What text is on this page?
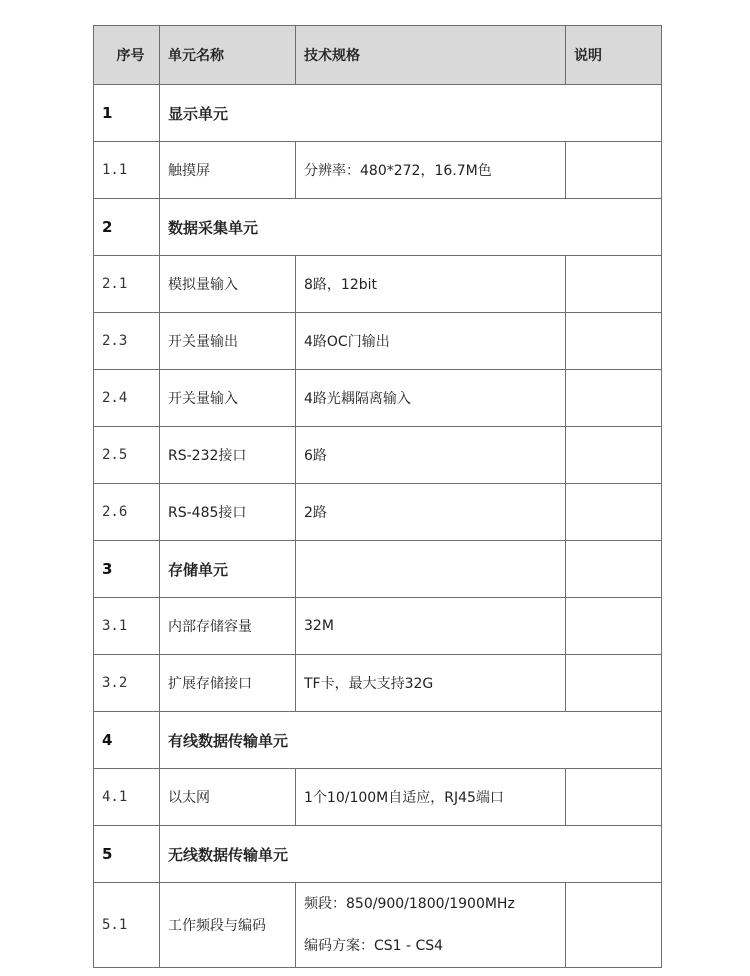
序号	单元名称	技术规格	说明
1	显示单元		
1.1	触摸屏	分辨率：480*272，16.7M色	
2	数据采集单元		
2.1	模拟量输入	8路，12bit	
2.3	开关量输出	4路OC门输出	
2.4	开关量输入	4路光耦隔离输入	
2.5	RS-232接口	6路	
2.6	RS-485接口	2路	
3	存储单元		
3.1	内部存储容量	32M	
3.2	扩展存储接口	TF卡，最大支持32G	
4	有线数据传输单元		
4.1	以太网	1个10/100M自适应，RJ45端口	
5	无线数据传输单元		
5.1	工作频段与编码	频段：850/900/1800/1900MHz
编码方案：CS1 - CS4	
